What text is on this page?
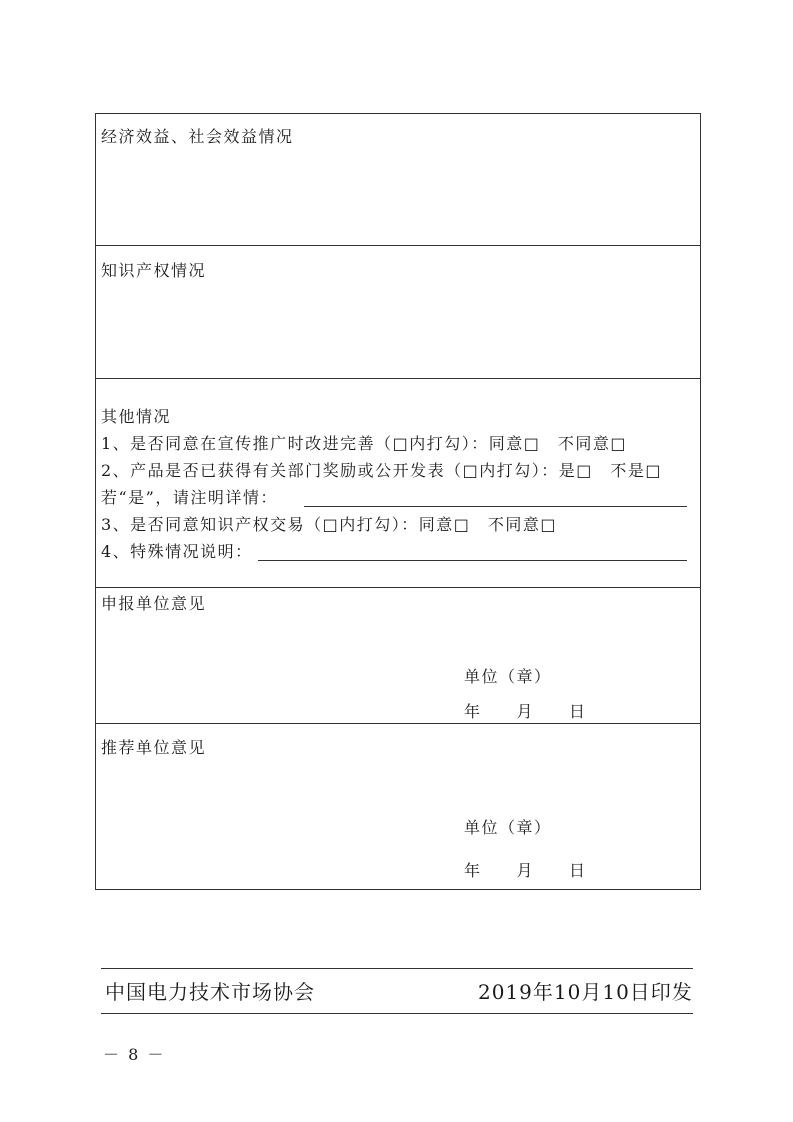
经济效益、社会效益情况
知识产权情况
其他情况
1、是否同意在宣传推广时改进完善（□内打勾）：同意□　不同意□
2、产品是否已获得有关部门奖励或公开发表（□内打勾）：是□　不是□
若“是”，请注明详情：
3、是否同意知识产权交易（□内打勾）：同意□　不同意□
4、特殊情况说明：
申报单位意见
单位（章）
年　　月　　日
推荐单位意见
单位（章）
年　　月　　日
中国电力技术市场协会	2019年10月10日印发
－ 8 －
